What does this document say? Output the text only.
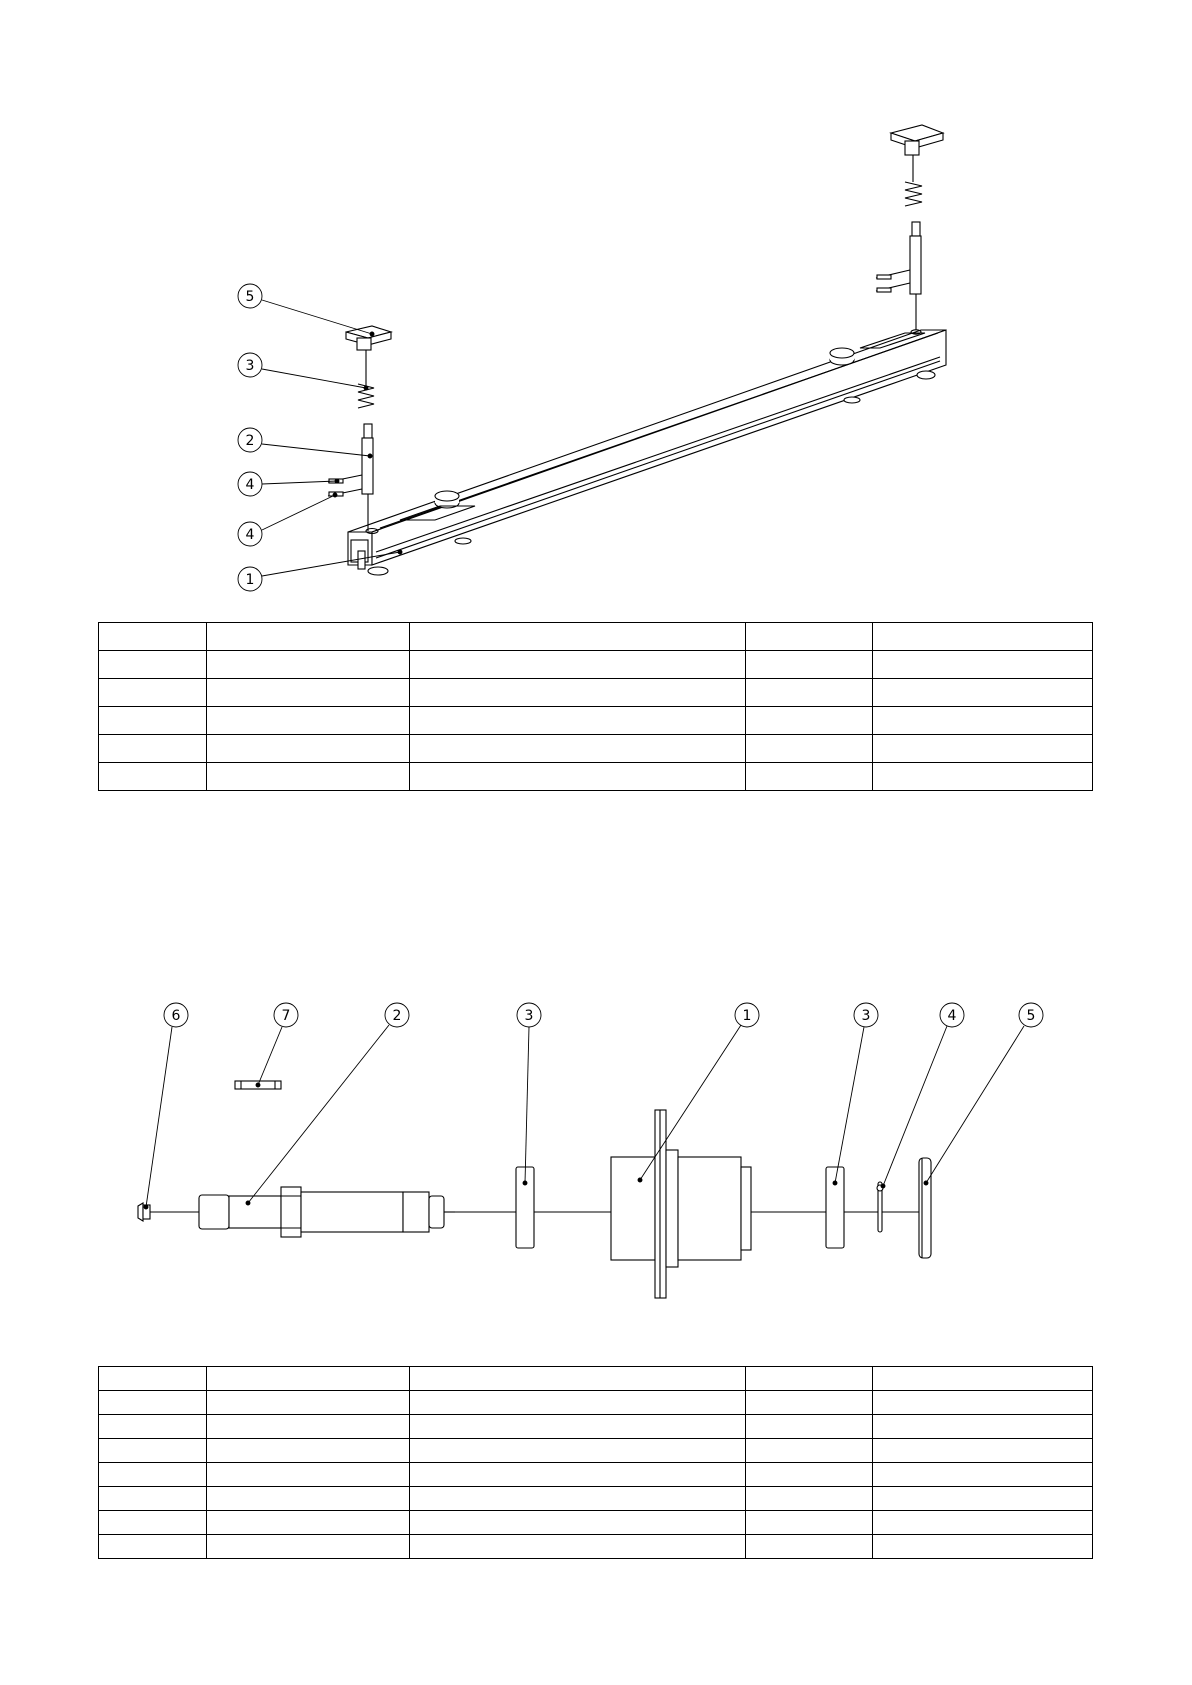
5
3
2
4
4
1
6	7	2	3	1	3	4	5
